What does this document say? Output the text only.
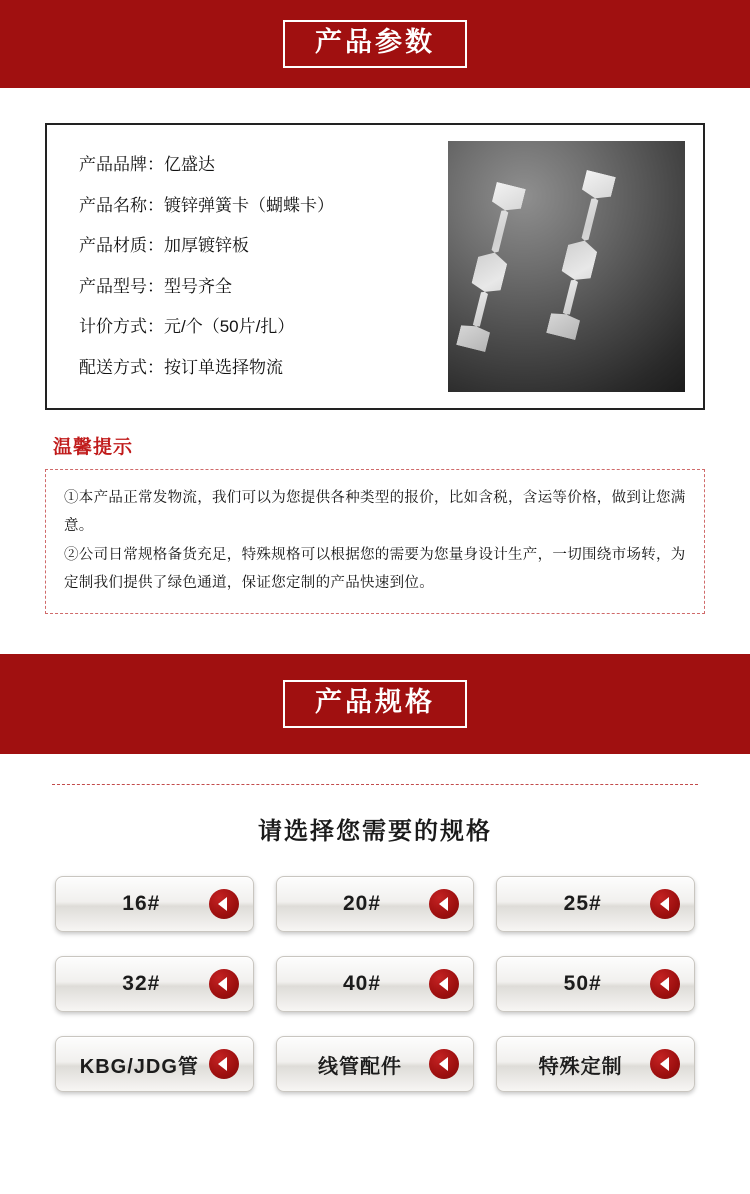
产品参数
产品品牌：亿盛达
产品名称：镀锌弹簧卡（蝴蝶卡）
产品材质：加厚镀锌板
产品型号：型号齐全
计价方式：元/个（50片/扎）
配送方式：按订单选择物流
温馨提示
①本产品正常发物流，我们可以为您提供各种类型的报价，比如含税，含运等价格，做到让您满意。
②公司日常规格备货充足，特殊规格可以根据您的需要为您量身设计生产，一切围绕市场转，为定制我们提供了绿色通道，保证您定制的产品快速到位。
产品规格
请选择您需要的规格
16#	20#	25#
32#	40#	50#
KBG/JDG管	线管配件	特殊定制
